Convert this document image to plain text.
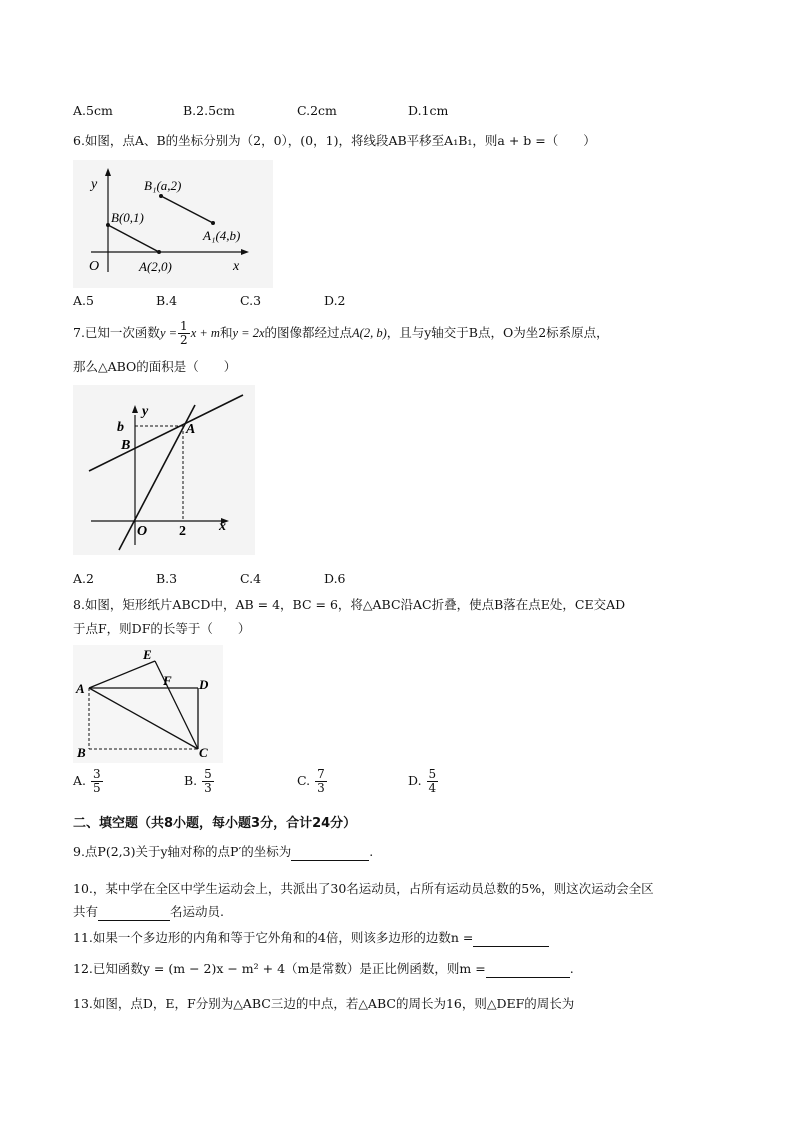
A.5cm	B.2.5cm	C.2cm	D.1cm
6.如图，点A、B的坐标分别为（2，0），(0，1)，将线段AB平移至A₁B₁，则a + b =（　　）
y
x
O
B(0,1)
A(2,0)
B₁(a,2)
A₁(4,b)
A.5	B.4	C.3	D.2
7.已知一次函数$y = \frac{1}{2}$ x + m和y = 2x的图像都经过点A(2, b)，且与y轴交于B点，O为坐2标系原点，
那么△ABO的面积是（　　）
b
y
B
A
O 2 x
A.2	B.3	C.4	D.6
8.如图，矩形纸片ABCD中，AB = 4，BC = 6，将△ABC沿AC折叠，使点B落在点E处，CE交AD
于点F，则DF的长等于（　　）
E
A
F D
B	C
A. $\frac{3}{5}$	B. $\frac{5}{3}$	C. $\frac{7}{3}$	D. $\frac{5}{4}$
二、填空题（共8小题，每小题3分，合计24分）
9.点P(2,3)关于y轴对称的点P′的坐标为	.
10.，某中学在全区中学生运动会上，共派出了30名运动员，占所有运动员总数的5%，则这次运动会全区
共有	名运动员.
11.如果一个多边形的内角和等于它外角和的4倍，则该多边形的边数n =
12.已知函数y = (m − 2)x − m² + 4（m是常数）是正比例函数，则m =	.
13.如图，点D，E，F分别为△ABC三边的中点，若△ABC的周长为16，则△DEF的周长为
